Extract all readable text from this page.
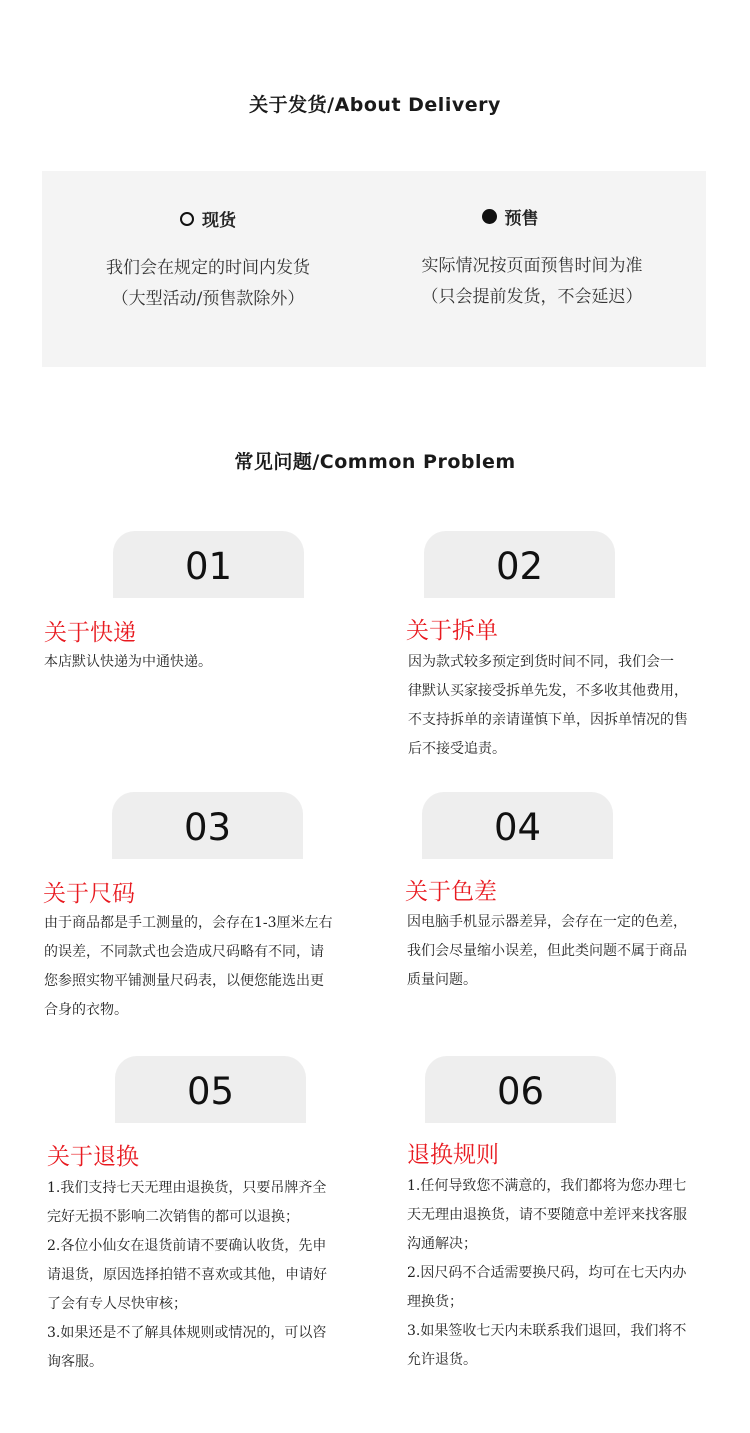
关于发货/About Delivery
现货
我们会在规定的时间内发货
（大型活动/预售款除外）
预售
实际情况按页面预售时间为准
（只会提前发货，不会延迟）
常见问题/Common Problem
01
关于快递
本店默认快递为中通快递。
02
关于拆单
因为款式较多预定到货时间不同，我们会一
律默认买家接受拆单先发，不多收其他费用，
不支持拆单的亲请谨慎下单，因拆单情况的售
后不接受追责。
03
关于尺码
由于商品都是手工测量的，会存在1-3厘米左右
的误差，不同款式也会造成尺码略有不同，请
您参照实物平铺测量尺码表，以便您能选出更
合身的衣物。
04
关于色差
因电脑手机显示器差异，会存在一定的色差，
我们会尽量缩小误差，但此类问题不属于商品
质量问题。
05
关于退换
1.我们支持七天无理由退换货，只要吊牌齐全
完好无损不影响二次销售的都可以退换；
2.各位小仙女在退货前请不要确认收货，先申
请退货，原因选择拍错不喜欢或其他，申请好
了会有专人尽快审核；
3.如果还是不了解具体规则或情况的，可以咨
询客服。
06
退换规则
1.任何导致您不满意的，我们都将为您办理七
天无理由退换货，请不要随意中差评来找客服
沟通解决；
2.因尺码不合适需要换尺码，均可在七天内办
理换货；
3.如果签收七天内未联系我们退回，我们将不
允许退货。
